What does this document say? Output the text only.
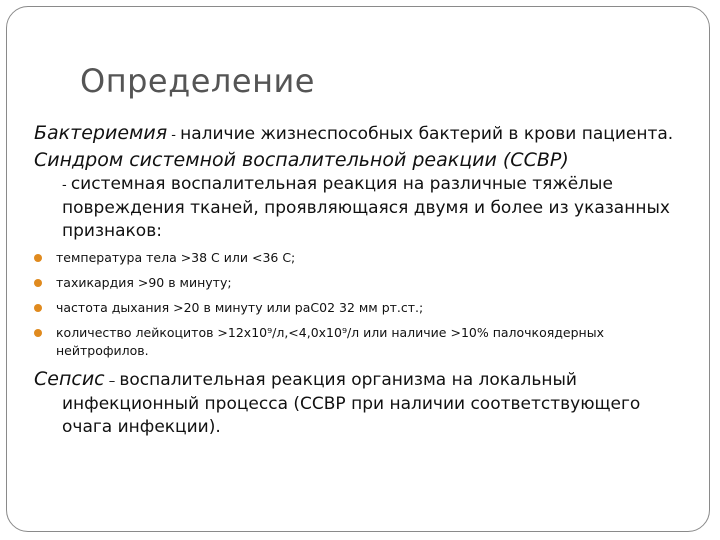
Определение

Бактериемия - наличие жизнеспособных бактерий в крови пациента.

Синдром системной воспалительной реакции (ССВР)
- системная воспалительная реакция на различные тяжёлые повреждения тканей, проявляющаяся двумя и более из указанных признаков:

температура тела >38 С или <36 С;
тахикардия >90 в минуту;
частота дыхания >20 в минуту или paC02 32 мм рт.ст.;
количество лейкоцитов >12х10⁹/л,<4,0х10⁹/л или наличие >10% палочкоядерных нейтрофилов.

Сепсис – воспалительная реакция организма на локальный инфекционный процесса (ССВР при наличии соответствующего очага инфекции).
